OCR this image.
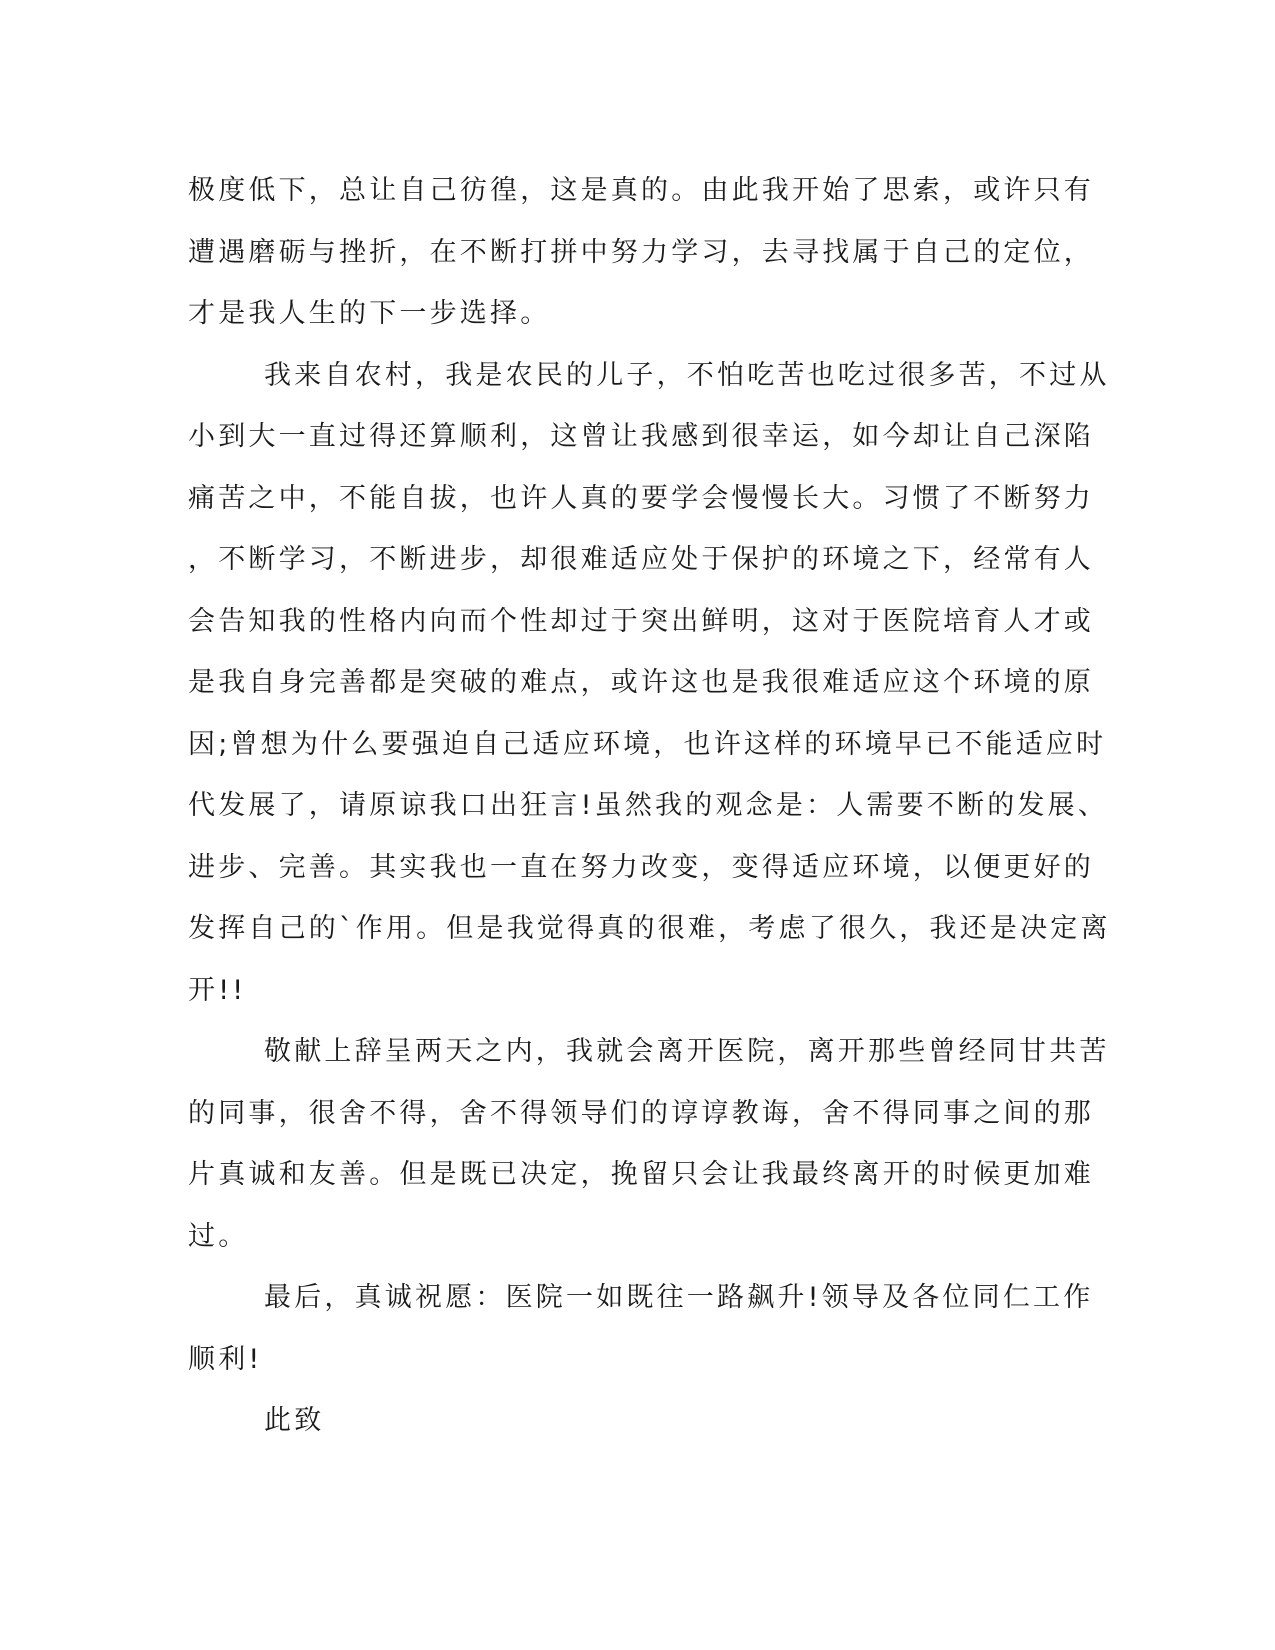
极度低下，总让自己彷徨，这是真的。由此我开始了思索，或许只有
遭遇磨砺与挫折，在不断打拼中努力学习，去寻找属于自己的定位，
才是我人生的下一步选择。
我来自农村，我是农民的儿子，不怕吃苦也吃过很多苦，不过从
小到大一直过得还算顺利，这曾让我感到很幸运，如今却让自己深陷
痛苦之中，不能自拔，也许人真的要学会慢慢长大。习惯了不断努力
，不断学习，不断进步，却很难适应处于保护的环境之下，经常有人
会告知我的性格内向而个性却过于突出鲜明，这对于医院培育人才或
是我自身完善都是突破的难点，或许这也是我很难适应这个环境的原
因;曾想为什么要强迫自己适应环境，也许这样的环境早已不能适应时
代发展了，请原谅我口出狂言!虽然我的观念是：人需要不断的发展、
进步、完善。其实我也一直在努力改变，变得适应环境，以便更好的
发挥自己的`作用。但是我觉得真的很难，考虑了很久，我还是决定离
开!!
敬献上辞呈两天之内，我就会离开医院，离开那些曾经同甘共苦
的同事，很舍不得，舍不得领导们的谆谆教诲，舍不得同事之间的那
片真诚和友善。但是既已决定，挽留只会让我最终离开的时候更加难
过。
最后，真诚祝愿：医院一如既往一路飙升!领导及各位同仁工作
顺利!
此致
